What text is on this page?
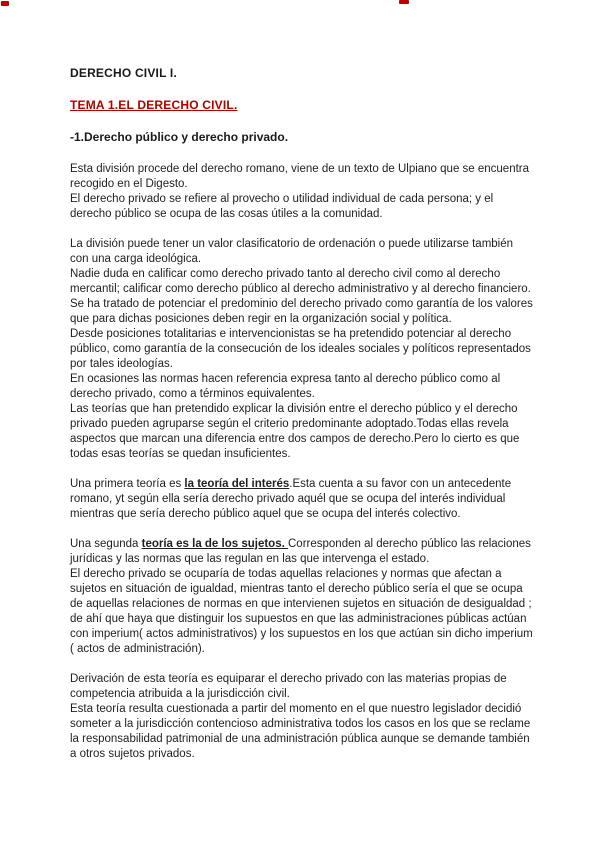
DERECHO CIVIL I.
TEMA 1.EL DERECHO CIVIL.
-1.Derecho público y derecho privado.
Esta división procede del derecho romano, viene de un texto de Ulpiano que se encuentra recogido en el Digesto.
El derecho privado se refiere al provecho o utilidad individual de cada persona; y el derecho público se ocupa de las cosas útiles a la comunidad.
La división puede tener un valor clasificatorio de ordenación o puede utilizarse también con una carga ideológica.
Nadie duda en calificar como derecho privado tanto al derecho civil como al derecho mercantil; calificar como derecho público al derecho administrativo y al derecho financiero.
Se ha tratado de potenciar el predominio del derecho privado como garantía de los valores que para dichas posiciones deben regir en la organización social y política.
Desde posiciones totalitarias e intervencionistas se ha pretendido potenciar al derecho público, como garantía de la consecución de los ideales sociales y políticos representados por tales ideologías.
En ocasiones las normas hacen referencia expresa tanto al derecho público como al derecho privado, como a términos equivalentes.
Las teorías que han pretendido explicar la división entre el derecho público y el derecho privado pueden agruparse según el criterio predominante adoptado.Todas ellas revela aspectos que marcan una diferencia entre dos campos de derecho.Pero lo cierto es que todas esas teorías se quedan insuficientes.
Una primera teoría es la teoría del interés.Esta cuenta a su favor con un antecedente romano, yt según ella sería derecho privado aquél que se ocupa del interés individual mientras que sería derecho público aquel que se ocupa del interés colectivo.
Una segunda teoría es la de los sujetos. Corresponden al derecho público las relaciones jurídicas y las normas que las regulan en las que intervenga el estado.
El derecho privado se ocuparía de todas aquellas relaciones y normas que afectan a sujetos en situación de igualdad, mientras tanto el derecho público sería el que se ocupa de aquellas relaciones de normas en que intervienen sujetos en situación de desigualdad ; de ahí que haya que distinguir los supuestos en que las administraciones públicas actúan con imperium( actos administrativos) y los supuestos en los que actúan sin dicho imperium ( actos de administración).
Derivación de esta teoría es equiparar el derecho privado con las materias propias de competencia atribuida a la jurisdicción civil.
Esta teoría resulta cuestionada a partir del momento en el que nuestro legislador decidió someter a la jurisdicción contencioso administrativa todos los casos en los que se reclame la responsabilidad patrimonial de una administración pública aunque se demande también a otros sujetos privados.
